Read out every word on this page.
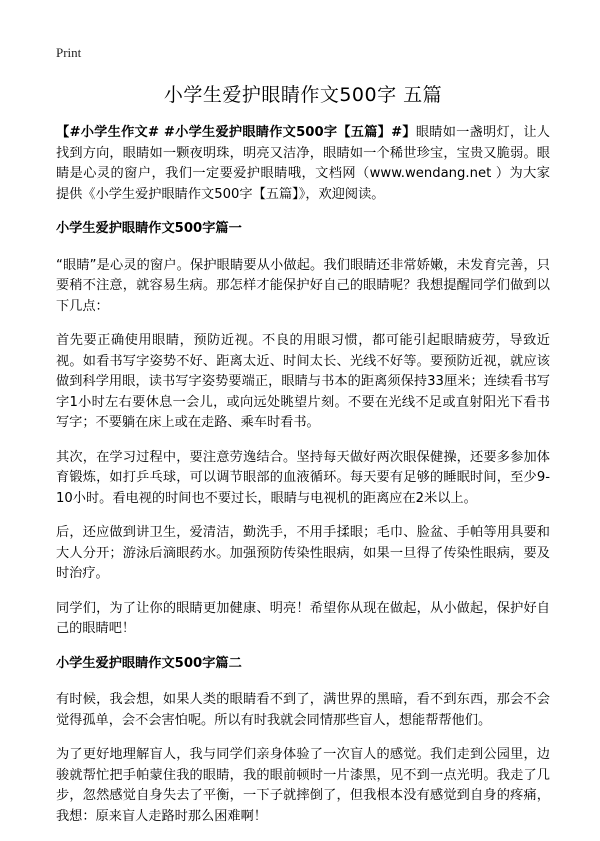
Print
小学生爱护眼睛作文500字 五篇

【#小学生作文# #小学生爱护眼睛作文500字【五篇】#】眼睛如一盏明灯，让人找到方向，眼睛如一颗夜明珠，明亮又洁净，眼睛如一个稀世珍宝，宝贵又脆弱。眼睛是心灵的窗户，我们一定要爱护眼睛哦，文档网（www.wendang.net ）为大家提供《小学生爱护眼睛作文500字【五篇】》，欢迎阅读。

小学生爱护眼睛作文500字篇一

“眼睛”是心灵的窗户。保护眼睛要从小做起。我们眼睛还非常娇嫩，未发育完善，只要稍不注意，就容易生病。那怎样才能保护好自己的眼睛呢？我想提醒同学们做到以下几点：

首先要正确使用眼睛，预防近视。不良的用眼习惯，都可能引起眼睛疲劳，导致近视。如看书写字姿势不好、距离太近、时间太长、光线不好等。要预防近视，就应该做到科学用眼，读书写字姿势要端正，眼睛与书本的距离须保持33厘米；连续看书写字1小时左右要休息一会儿，或向远处眺望片刻。不要在光线不足或直射阳光下看书写字；不要躺在床上或在走路、乘车时看书。

其次，在学习过程中，要注意劳逸结合。坚持每天做好两次眼保健操，还要多参加体育锻炼，如打乒乓球，可以调节眼部的血液循环。每天要有足够的睡眠时间，至少9-10小时。看电视的时间也不要过长，眼睛与电视机的距离应在2米以上。

后，还应做到讲卫生，爱清洁，勤洗手，不用手揉眼；毛巾、脸盆、手帕等用具要和大人分开；游泳后滴眼药水。加强预防传染性眼病，如果一旦得了传染性眼病，要及时治疗。

同学们，为了让你的眼睛更加健康、明亮！希望你从现在做起，从小做起，保护好自己的眼睛吧！

小学生爱护眼睛作文500字篇二

有时候，我会想，如果人类的眼睛看不到了，满世界的黑暗，看不到东西，那会不会觉得孤单，会不会害怕呢。所以有时我就会同情那些盲人，想能帮帮他们。

为了更好地理解盲人，我与同学们亲身体验了一次盲人的感觉。我们走到公园里，边骏就帮忙把手帕蒙住我的眼睛，我的眼前顿时一片漆黑，见不到一点光明。我走了几步，忽然感觉自身失去了平衡，一下子就摔倒了，但我根本没有感觉到自身的疼痛，我想：原来盲人走路时那么困难啊！
